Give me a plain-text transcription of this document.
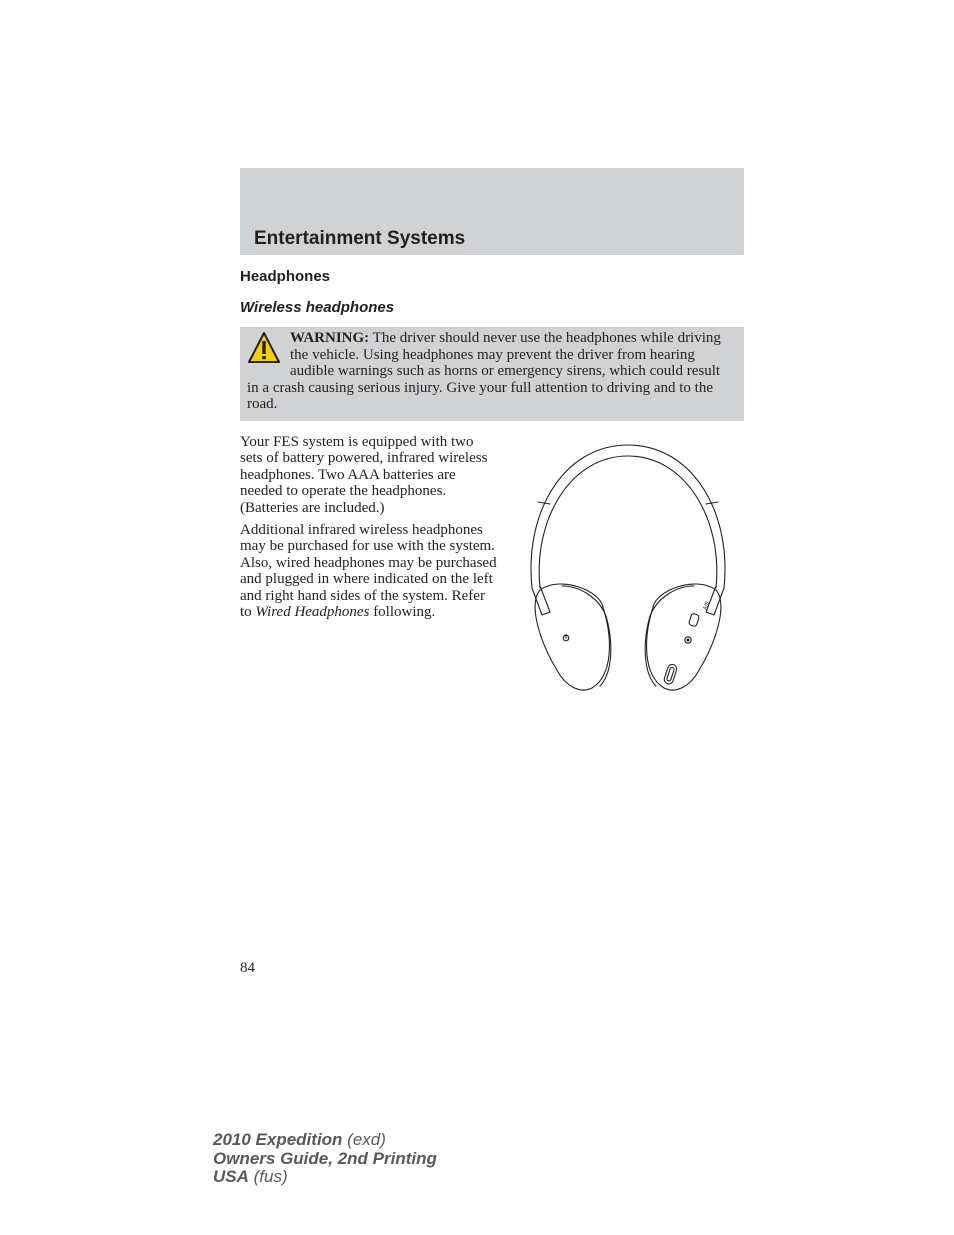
Entertainment Systems
Headphones
Wireless headphones
WARNING: The driver should never use the headphones while driving the vehicle. Using headphones may prevent the driver from hearing audible warnings such as horns or emergency sirens, which could result in a crash causing serious injury. Give your full attention to driving and to the road.

Your FES system is equipped with two sets of battery powered, infrared wireless headphones. Two AAA batteries are needed to operate the headphones. (Batteries are included.)

Additional infrared wireless headphones may be purchased for use with the system. Also, wired headphones may be purchased and plugged in where indicated on the left and right hand sides of the system. Refer to Wired Headphones following.	A/B
84
2010 Expedition (exd)
Owners Guide, 2nd Printing
USA (fus)
